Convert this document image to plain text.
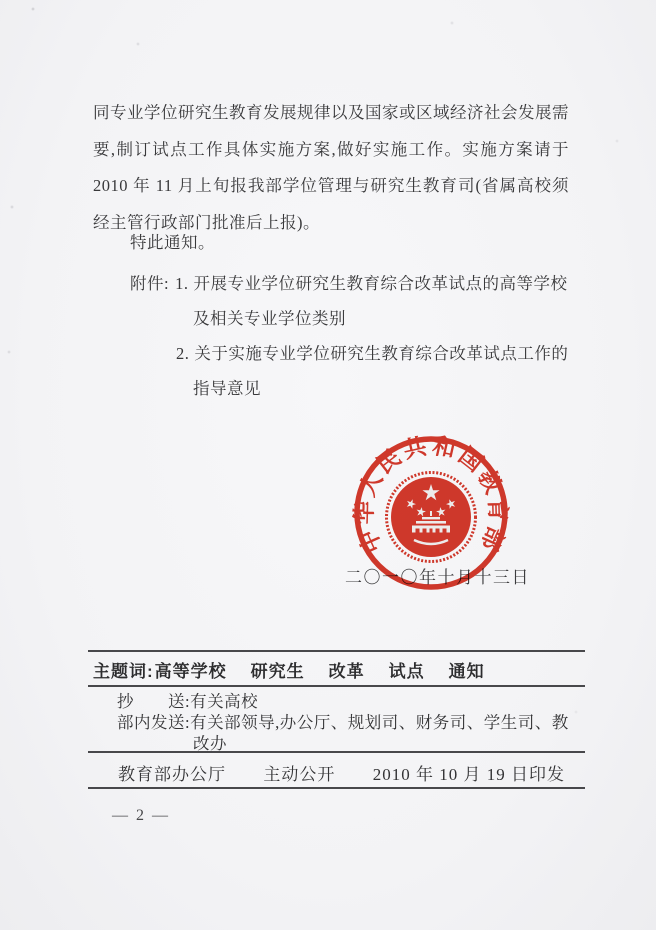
同专业学位研究生教育发展规律以及国家或区域经济社会发展需
要,制订试点工作具体实施方案,做好实施工作。实施方案请于
2010 年 11 月上旬报我部学位管理与研究生教育司(省属高校须
经主管行政部门批准后上报)。
特此通知。
附件: 1. 开展专业学位研究生教育综合改革试点的高等学校
及相关专业学位类别
2. 关于实施专业学位研究生教育综合改革试点工作的
指导意见
二〇一〇年十月十三日
中华人民共和国教育部
主题词:高等学校 研究生 改革 试点 通知
抄　　送:有关高校
部内发送:有关部领导,办公厅、规划司、财务司、学生司、教改办
教育部办公厅 主动公开 2010 年 10 月 19 日印发
— 2 —
